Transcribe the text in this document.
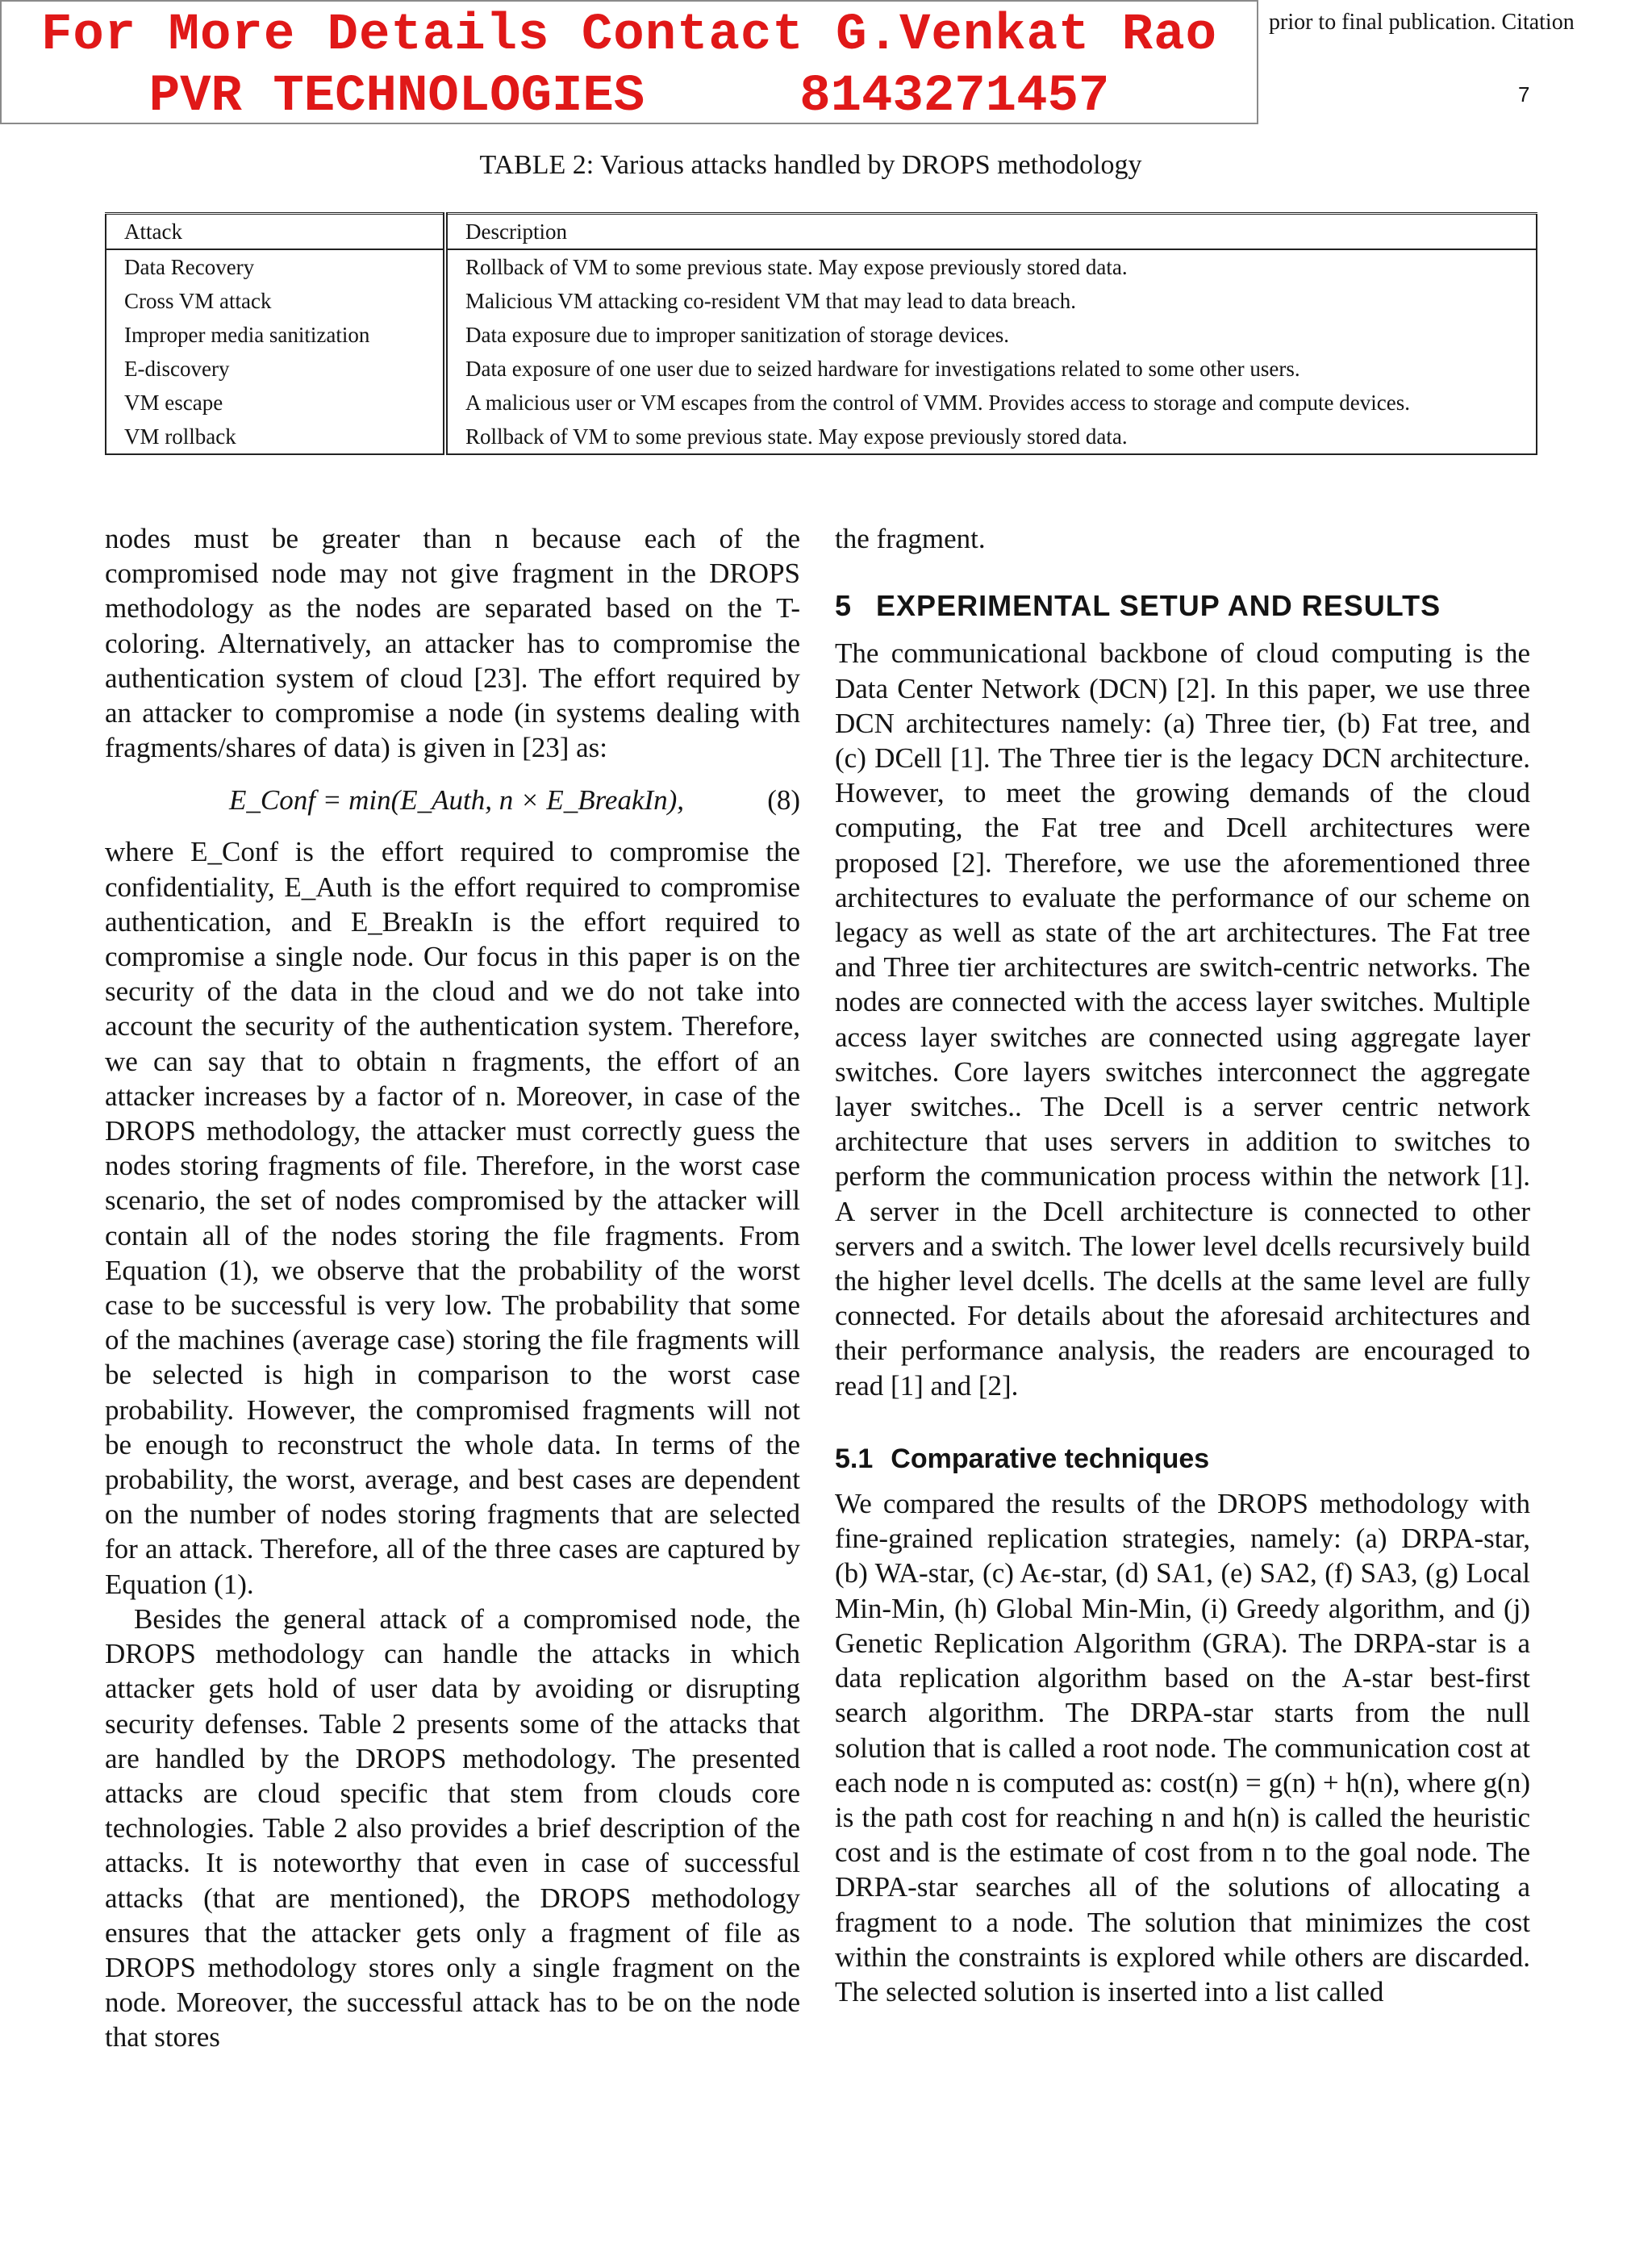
For More Details Contact G.Venkat Rao
PVR TECHNOLOGIES     8143271457
prior to final publication. Citation
7
TABLE 2: Various attacks handled by DROPS methodology
Attack	Description
Data Recovery	Rollback of VM to some previous state. May expose previously stored data.
Cross VM attack	Malicious VM attacking co-resident VM that may lead to data breach.
Improper media sanitization	Data exposure due to improper sanitization of storage devices.
E-discovery	Data exposure of one user due to seized hardware for investigations related to some other users.
VM escape	A malicious user or VM escapes from the control of VMM. Provides access to storage and compute devices.
VM rollback	Rollback of VM to some previous state. May expose previously stored data.

nodes must be greater than n because each of the compromised node may not give fragment in the DROPS methodology as the nodes are separated based on the T-coloring. Alternatively, an attacker has to compromise the authentication system of cloud [23]. The effort required by an attacker to compromise a node (in systems dealing with fragments/shares of data) is given in [23] as:

E_Conf = min(E_Auth, n × E_BreakIn),	(8)

where E_Conf is the effort required to compromise the confidentiality, E_Auth is the effort required to compromise authentication, and E_BreakIn is the effort required to compromise a single node. Our focus in this paper is on the security of the data in the cloud and we do not take into account the security of the authentication system. Therefore, we can say that to obtain n fragments, the effort of an attacker increases by a factor of n. Moreover, in case of the DROPS methodology, the attacker must correctly guess the nodes storing fragments of file. Therefore, in the worst case scenario, the set of nodes compromised by the attacker will contain all of the nodes storing the file fragments. From Equation (1), we observe that the probability of the worst case to be successful is very low. The probability that some of the machines (average case) storing the file fragments will be selected is high in comparison to the worst case probability. However, the compromised fragments will not be enough to reconstruct the whole data. In terms of the probability, the worst, average, and best cases are dependent on the number of nodes storing fragments that are selected for an attack. Therefore, all of the three cases are captured by Equation (1).

Besides the general attack of a compromised node, the DROPS methodology can handle the attacks in which attacker gets hold of user data by avoiding or disrupting security defenses. Table 2 presents some of the attacks that are handled by the DROPS methodology. The presented attacks are cloud specific that stem from clouds core technologies. Table 2 also provides a brief description of the attacks. It is noteworthy that even in case of successful attacks (that are mentioned), the DROPS methodology ensures that the attacker gets only a fragment of file as DROPS methodology stores only a single fragment on the node. Moreover, the successful attack has to be on the node that stores

the fragment.

5 EXPERIMENTAL SETUP AND RESULTS

The communicational backbone of cloud computing is the Data Center Network (DCN) [2]. In this paper, we use three DCN architectures namely: (a) Three tier, (b) Fat tree, and (c) DCell [1]. The Three tier is the legacy DCN architecture. However, to meet the growing demands of the cloud computing, the Fat tree and Dcell architectures were proposed [2]. Therefore, we use the aforementioned three architectures to evaluate the performance of our scheme on legacy as well as state of the art architectures. The Fat tree and Three tier architectures are switch-centric networks. The nodes are connected with the access layer switches. Multiple access layer switches are connected using aggregate layer switches. Core layers switches interconnect the aggregate layer switches.. The Dcell is a server centric network architecture that uses servers in addition to switches to perform the communication process within the network [1]. A server in the Dcell architecture is connected to other servers and a switch. The lower level dcells recursively build the higher level dcells. The dcells at the same level are fully connected. For details about the aforesaid architectures and their performance analysis, the readers are encouraged to read [1] and [2].

5.1 Comparative techniques

We compared the results of the DROPS methodology with fine-grained replication strategies, namely: (a) DRPA-star, (b) WA-star, (c) Aϵ-star, (d) SA1, (e) SA2, (f) SA3, (g) Local Min-Min, (h) Global Min-Min, (i) Greedy algorithm, and (j) Genetic Replication Algorithm (GRA). The DRPA-star is a data replication algorithm based on the A-star best-first search algorithm. The DRPA-star starts from the null solution that is called a root node. The communication cost at each node n is computed as: cost(n) = g(n) + h(n), where g(n) is the path cost for reaching n and h(n) is called the heuristic cost and is the estimate of cost from n to the goal node. The DRPA-star searches all of the solutions of allocating a fragment to a node. The solution that minimizes the cost within the constraints is explored while others are discarded. The selected solution is inserted into a list called
